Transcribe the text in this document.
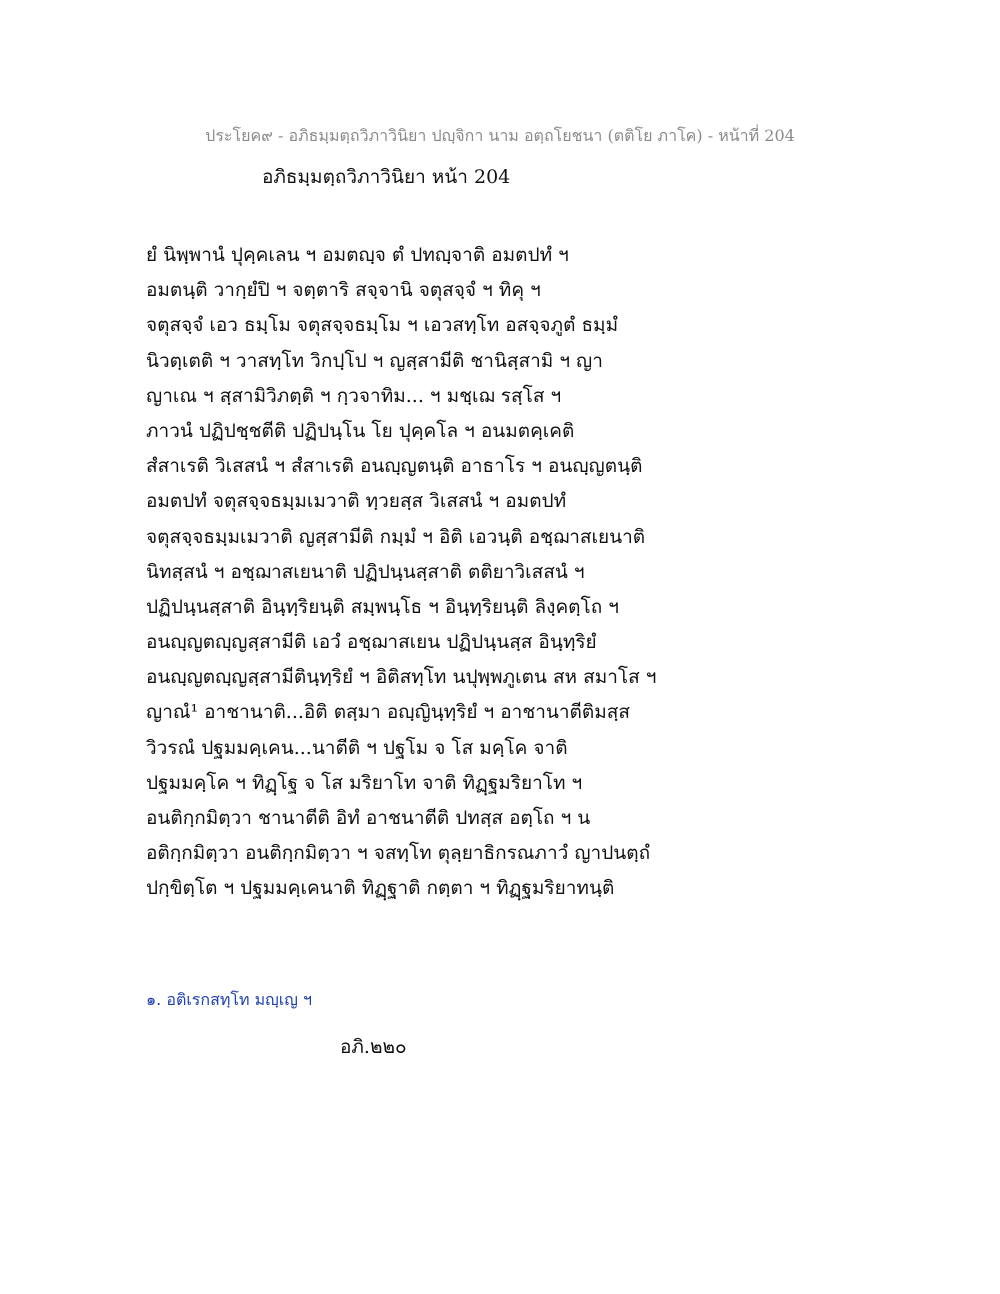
ประโยค๙ - อภิธมฺมตฺถวิภาวินิยา ปญฺจิกา นาม อตฺถโยชนา (ตติโย ภาโค) - หน้าที่ 204
อภิธมฺมตฺถวิภาวินิยา หน้า 204
ยํ นิพฺพานํ ปุคฺคเลน ฯ อมตญฺจ ตํ ปทญฺจาติ อมตปทํ ฯ
อมตนฺติ วากฺยํปิ ฯ จตฺตาริ สจฺจานิ จตุสจฺจํ ฯ ทิคุ ฯ
จตุสจฺจํ เอว ธมฺโม จตุสจฺจธมฺโม ฯ เอวสทฺโท อสจฺจภูตํ ธมฺมํ
นิวตฺเตติ ฯ วาสทฺโท วิกปฺโป ฯ ญสฺสามีติ ชานิสฺสามิ ฯ ญา
ญาเณ ฯ สฺสามิวิภตฺติ ฯ กฺวจาทิม... ฯ มชฺเฌ รสฺโส ฯ
ภาวนํ ปฏิปชฺชตีติ ปฏิปนฺโน โย ปุคฺคโล ฯ อนมตคฺเคติ
สํสาเรติ วิเสสนํ ฯ สํสาเรติ อนญฺญตนฺติ อาธาโร ฯ อนญฺญตนฺติ
อมตปทํ จตุสจฺจธมฺมเมวาติ ทฺวยสฺส วิเสสนํ ฯ อมตปทํ
จตุสจฺจธมฺมเมวาติ ญสฺสามีติ กมฺมํ ฯ อิติ เอวนฺติ อชฺฌาสเยนาติ
นิทสฺสนํ ฯ อชฺฌาสเยนาติ ปฏิปนฺนสฺสาติ ตติยาวิเสสนํ ฯ
ปฏิปนฺนสฺสาติ อินฺทฺริยนฺติ สมฺพนฺโธ ฯ อินฺทฺริยนฺติ ลิงฺคตฺโถ ฯ
อนญฺญตญฺญสฺสามีติ เอวํ อชฺฌาสเยน ปฏิปนฺนสฺส อินฺทฺริยํ
อนญฺญตญฺญสฺสามีตินฺทฺริยํ ฯ อิติสทฺโท นปุพฺพภูเตน สห สมาโส ฯ
ญาณํ¹ อาชานาติ...อิติ ตสฺมา อญฺญินฺทฺริยํ ฯ อาชานาตีติมสฺส
วิวรณํ ปฐมมคฺเคน...นาตีติ ฯ ปฐโม จ โส มคฺโค จาติ
ปฐมมคฺโค ฯ ทิฏฺโฐ จ โส มริยาโท จาติ ทิฏฺฐมริยาโท ฯ
อนติกฺกมิตฺวา ชานาตีติ อิทํ อาชนาตีติ ปทสฺส อตฺโถ ฯ น
อติกฺกมิตฺวา อนติกฺกมิตฺวา ฯ จสทฺโท ตุลฺยาธิกรณภาวํ ญาปนตฺถํ
ปกฺขิตฺโต ฯ ปฐมมคฺเคนาติ ทิฏฺฐาติ กตฺตา ฯ ทิฏฺฐมริยาทนฺติ
๑. อติเรกสทฺโท มญฺเญ ฯ
อภิ.๒๒๐
